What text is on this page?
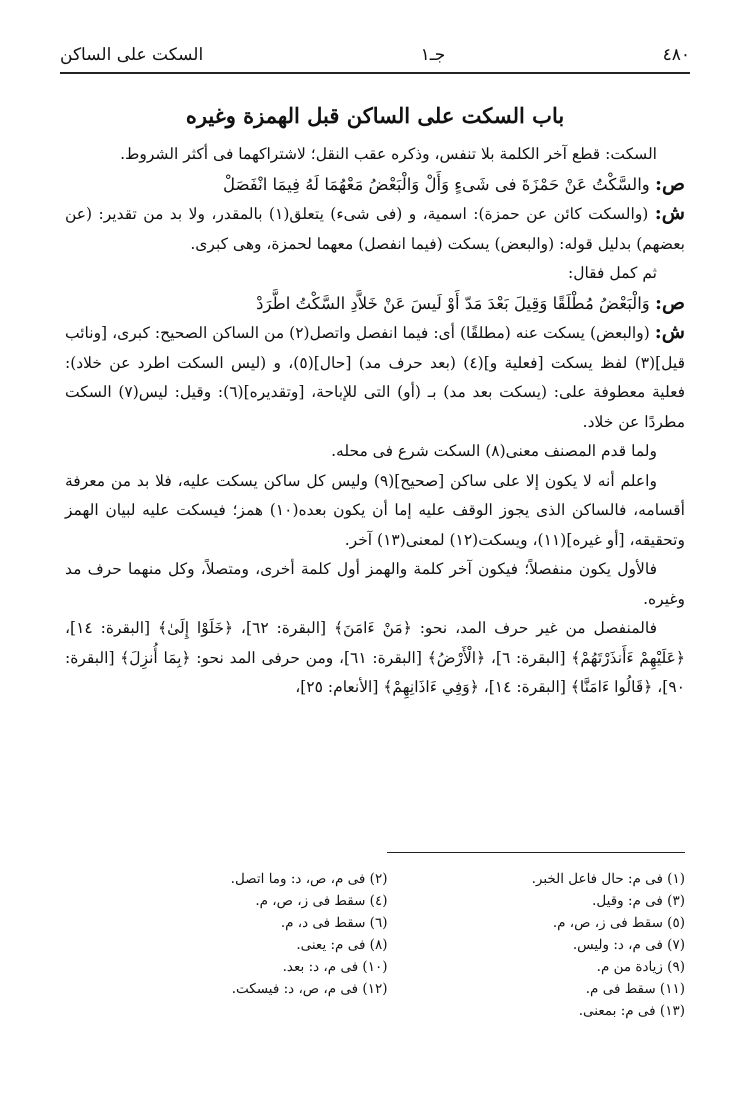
٤٨٠
جـ١
السكت على الساكن
باب السكت على الساكن قبل الهمزة وغيره

السكت: قطع آخر الكلمة بلا تنفس، وذكره عقب النقل؛ لاشتراكهما فى أكثر الشروط.

ص: والسَّكْتُ عَنْ حَمْزَةَ فى شَىءٍ وَأَلْ وَالْبَعْضُ مَعْهُمَا لَهُ فِيمَا انْفَصَلْ

ش: (والسكت كائن عن حمزة): اسمية، و (فى شىء) يتعلق(١) بالمقدر، ولا بد من تقدير: (عن بعضهم) بدليل قوله: (والبعض) يسكت (فيما انفصل) معهما لحمزة، وهى كبرى.

ثم كمل فقال:

ص: وَالْبَعْضُ مُطْلَقًا وَقِيلَ بَعْدَ مَدّ أَوْ لَيسَ عَنْ خَلاَّدِ السَّكْتُ اطَّرَدْ

ش: (والبعض) يسكت عنه (مطلقًا) أى: فيما انفصل واتصل(٢) من الساكن الصحيح: كبرى، [ونائب قيل](٣) لفظ يسكت [فعلية و](٤) (بعد حرف مد) [حال](٥)، و (ليس السكت اطرد عن خلاد): فعلية معطوفة على: (يسكت بعد مد) بـ (أو) التى للإباحة، [وتقديره](٦): وقيل: ليس(٧) السكت مطردًا عن خلاد.

ولما قدم المصنف معنى(٨) السكت شرع فى محله.

واعلم أنه لا يكون إلا على ساكن [صحيح](٩) وليس كل ساكن يسكت عليه، فلا بد من معرفة أقسامه، فالساكن الذى يجوز الوقف عليه إما أن يكون بعده(١٠) همز؛ فيسكت عليه لبيان الهمز وتحقيقه، [أو غيره](١١)، ويسكت(١٢) لمعنى(١٣) آخر.

فالأول يكون منفصلاً؛ فيكون آخر كلمة والهمز أول كلمة أخرى، ومتصلاً، وكل منهما حرف مد وغيره.

فالمنفصل من غير حرف المد، نحو: ﴿مَنْ ءَامَنَ﴾ [البقرة: ٦٢]، ﴿خَلَوْا إِلَىٰ﴾ [البقرة: ١٤]، ﴿عَلَيْهِمْ ءَأَنذَرْتَهُمْ﴾ [البقرة: ٦]، ﴿الْأَرْضُ﴾ [البقرة: ٦١]، ومن حرفى المد نحو: ﴿بِمَا أُنزِلَ﴾ [البقرة: ٩٠]، ﴿قَالُوا ءَامَنَّا﴾ [البقرة: ١٤]، ﴿وَفِي ءَاذَانِهِمْ﴾ [الأنعام: ٢٥]،

(١) فى م: حال فاعل الخبر.
(٢) فى م، ص، د: وما اتصل.
(٣) فى م: وقيل.
(٤) سقط فى ز، ص، م.
(٥) سقط فى ز، ص، م.
(٦) سقط فى د، م.
(٧) فى م، د: وليس.
(٨) فى م: يعنى.
(٩) زيادة من م.
(١٠) فى م، د: بعد.
(١١) سقط فى م.
(١٢) فى م، ص، د: فيسكت.
(١٣) فى م: بمعنى.
